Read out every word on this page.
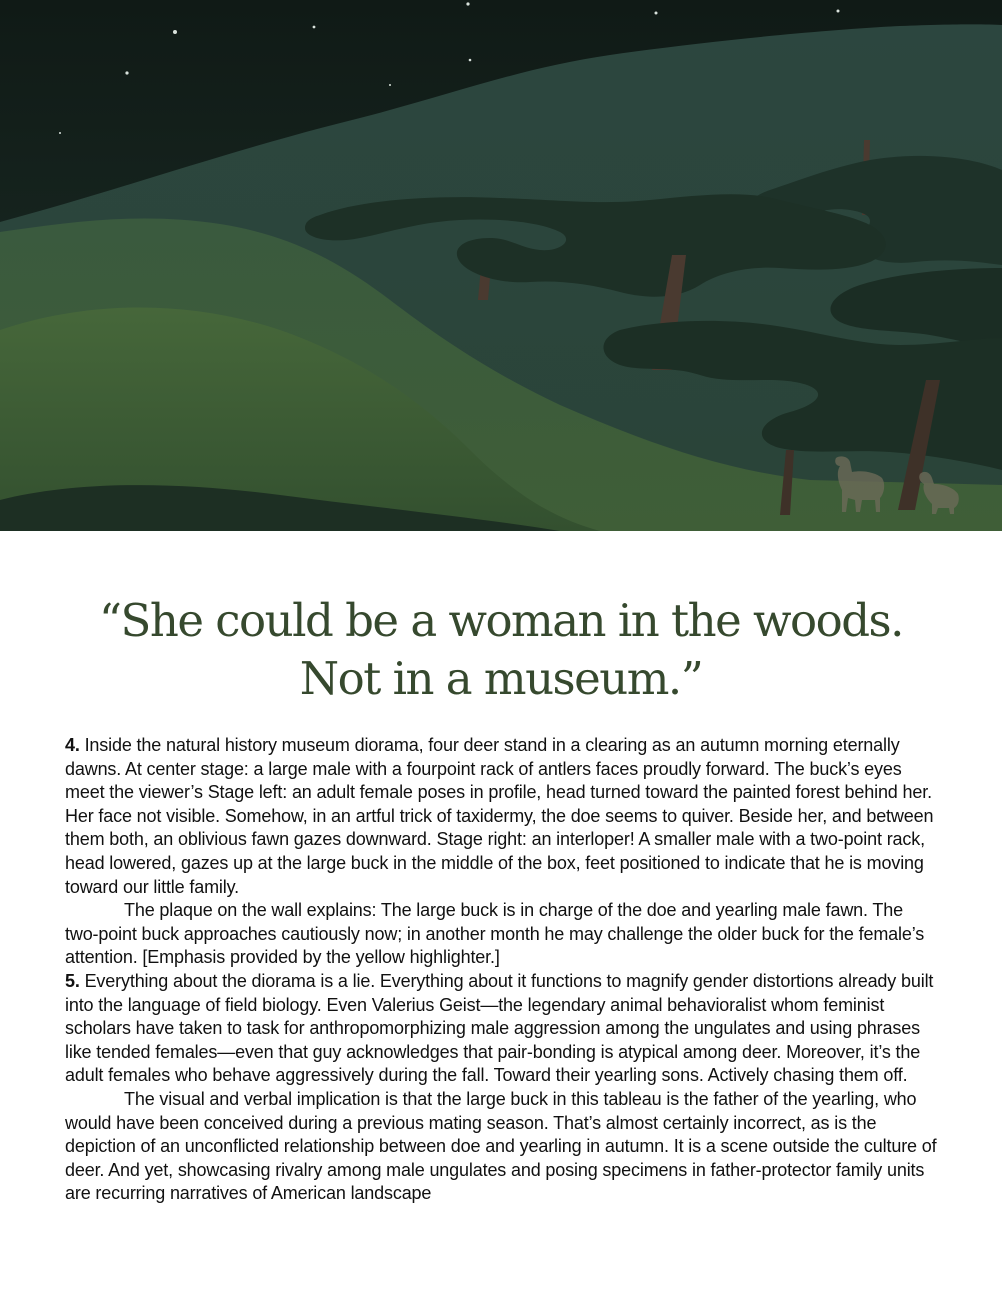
“She could be a woman in the woods.
Not in a museum.”

4. Inside the natural history museum diorama, four deer stand in a clearing as an autumn morning eternally dawns. At center stage: a large male with a fourpoint rack of antlers faces proudly forward. The buck’s eyes meet the viewer’s Stage left: an adult female poses in profile, head turned toward the painted forest behind her. Her face not visible. Somehow, in an artful trick of taxidermy, the doe seems to quiver. Beside her, and between them both, an oblivious fawn gazes downward. Stage right: an interloper! A smaller male with a two-point rack, head lowered, gazes up at the large buck in the middle of the box, feet positioned to indicate that he is moving toward our little family.

The plaque on the wall explains: The large buck is in charge of the doe and yearling male fawn. The two-point buck approaches cautiously now; in another month he may challenge the older buck for the female’s attention. [Emphasis provided by the yellow highlighter.]

5. Everything about the diorama is a lie. Everything about it functions to magnify gender distortions already built into the language of field biology. Even Valerius Geist—the legendary animal behavioralist whom feminist scholars have taken to task for anthropomorphizing male aggression among the ungulates and using phrases like tended females—even that guy acknowledges that pair-bonding is atypical among deer. Moreover, it’s the adult females who behave aggressively during the fall. Toward their yearling sons. Actively chasing them off.

The visual and verbal implication is that the large buck in this tableau is the father of the yearling, who would have been conceived during a previous mating season. That’s almost certainly incorrect, as is the depiction of an unconflicted relationship between doe and yearling in autumn. It is a scene outside the culture of deer. And yet, showcasing rivalry among male ungulates and posing specimens in father-protector family units are recurring narratives of American landscape
